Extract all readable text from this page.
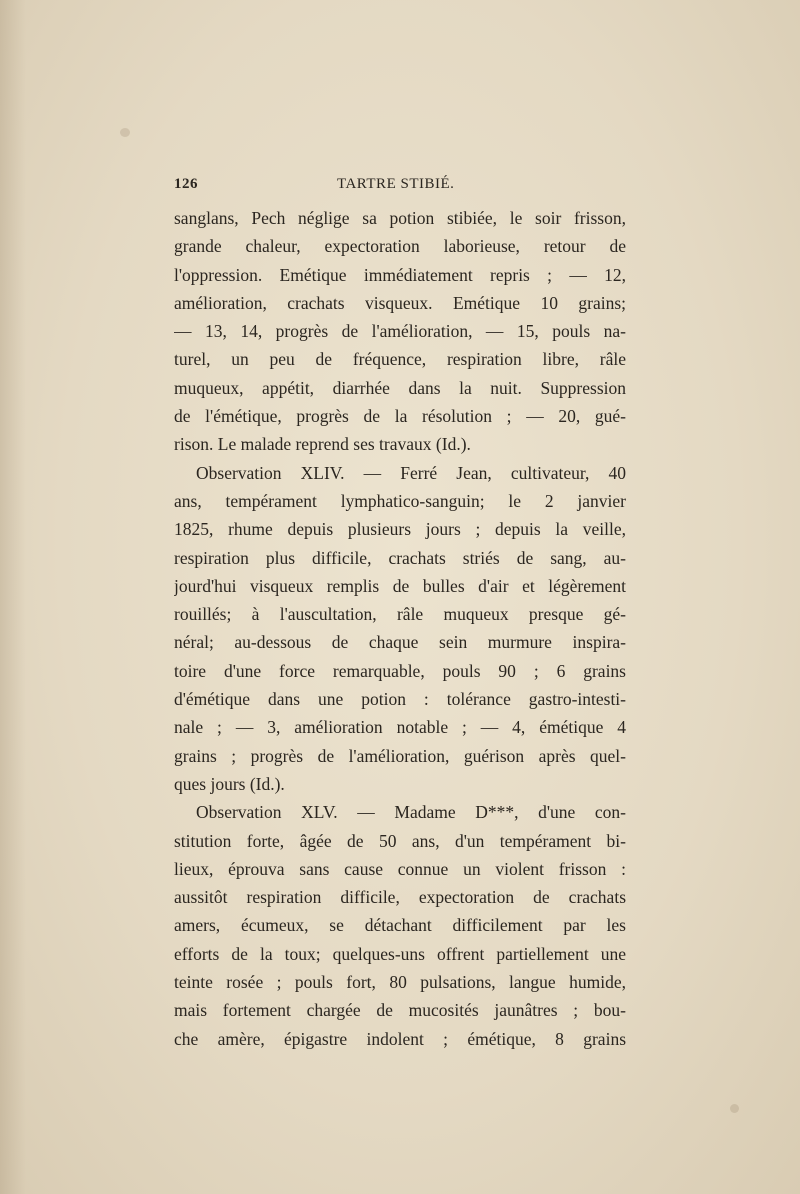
126	TARTRE STIBIÉ.
sanglans, Pech néglige sa potion stibiée, le soir frisson,
grande chaleur, expectoration laborieuse, retour de
l'oppression. Emétique immédiatement repris ; — 12,
amélioration, crachats visqueux. Emétique 10 grains;
— 13, 14, progrès de l'amélioration, — 15, pouls na-
turel, un peu de fréquence, respiration libre, râle
muqueux, appétit, diarrhée dans la nuit. Suppression
de l'émétique, progrès de la résolution ; — 20, gué-
rison. Le malade reprend ses travaux (Id.).
Observation XLIV. — Ferré Jean, cultivateur, 40
ans, tempérament lymphatico-sanguin; le 2 janvier
1825, rhume depuis plusieurs jours ; depuis la veille,
respiration plus difficile, crachats striés de sang, au-
jourd'hui visqueux remplis de bulles d'air et légèrement
rouillés; à l'auscultation, râle muqueux presque gé-
néral; au-dessous de chaque sein murmure inspira-
toire d'une force remarquable, pouls 90 ; 6 grains
d'émétique dans une potion : tolérance gastro-intesti-
nale ; — 3, amélioration notable ; — 4, émétique 4
grains ; progrès de l'amélioration, guérison après quel-
ques jours (Id.).
Observation XLV. — Madame D***, d'une con-
stitution forte, âgée de 50 ans, d'un tempérament bi-
lieux, éprouva sans cause connue un violent frisson :
aussitôt respiration difficile, expectoration de crachats
amers, écumeux, se détachant difficilement par les
efforts de la toux; quelques-uns offrent partiellement une
teinte rosée ; pouls fort, 80 pulsations, langue humide,
mais fortement chargée de mucosités jaunâtres ; bou-
che amère, épigastre indolent ; émétique, 8 grains
